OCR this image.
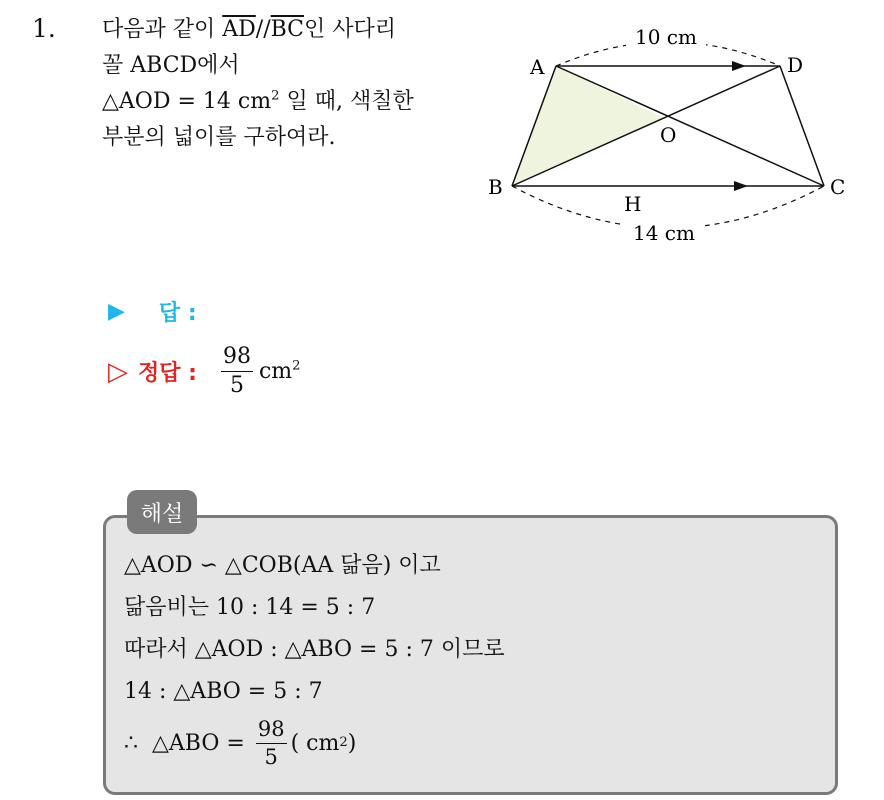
1. 다음과 같이 $\overline{AD}//\overline{BC}$인 사다리
꼴 ABCD에서
△AOD = 14 $cm^2$ 일 때, 색칠한
부분의 넓이를 구하여라.
10 cm
14 cm
A	D
B	C
O
H
▶ 답 :
▷ 정답 : $\frac{98}{5} cm^2$
해설
△AOD ∽ △COB(AA 닮음) 이고
닮음비는 10 : 14 = 5 : 7
따라서 △AOD : △ABO = 5 : 7 이므로
14 : △ABO = 5 : 7
∴  △ABO = $\frac{98}{5}$ ( cm 2 )
